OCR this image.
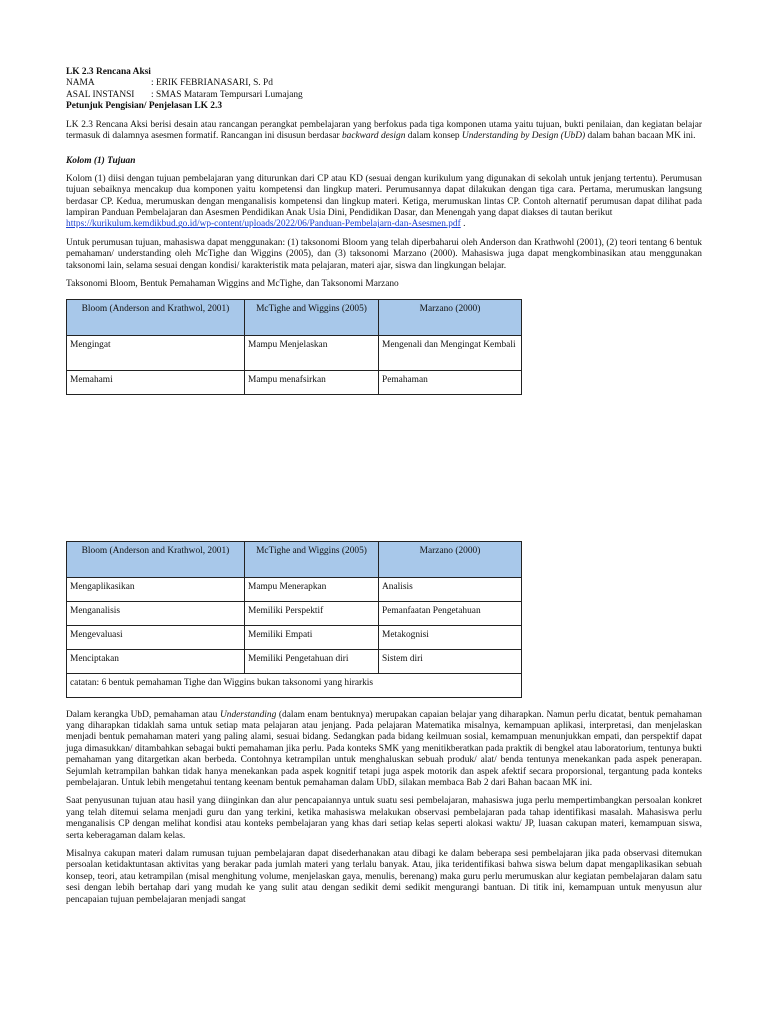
LK 2.3 Rencana Aksi
NAMA	: ERIK FEBRIANASARI, S. Pd
ASAL INSTANSI : SMAS Mataram Tempursari Lumajang
Petunjuk Pengisian/ Penjelasan LK 2.3

LK 2.3 Rencana Aksi berisi desain atau rancangan perangkat pembelajaran yang berfokus pada tiga komponen utama yaitu tujuan, bukti penilaian, dan kegiatan belajar termasuk di dalamnya asesmen formatif. Rancangan ini disusun berdasar backward design dalam konsep Understanding by Design (UbD) dalam bahan bacaan MK ini.

Kolom (1) Tujuan

Kolom (1) diisi dengan tujuan pembelajaran yang diturunkan dari CP atau KD (sesuai dengan kurikulum yang digunakan di sekolah untuk jenjang tertentu). Perumusan tujuan sebaiknya mencakup dua komponen yaitu kompetensi dan lingkup materi. Perumusannya dapat dilakukan dengan tiga cara. Pertama, merumuskan langsung berdasar CP. Kedua, merumuskan dengan menganalisis kompetensi dan lingkup materi. Ketiga, merumuskan lintas CP. Contoh alternatif perumusan dapat dilihat pada lampiran Panduan Pembelajaran dan Asesmen Pendidikan Anak Usia Dini, Pendidikan Dasar, dan Menengah yang dapat diakses di tautan berikut
https://kurikulum.kemdikbud.go.id/wp-content/uploads/2022/06/Panduan-Pembelajarn-dan-Asesmen.pdf .

Untuk perumusan tujuan, mahasiswa dapat menggunakan: (1) taksonomi Bloom yang telah diperbaharui oleh Anderson dan Krathwohl (2001), (2) teori tentang 6 bentuk pemahaman/ understanding oleh McTighe dan Wiggins (2005), dan (3) taksonomi Marzano (2000). Mahasiswa juga dapat mengkombinasikan atau menggunakan taksonomi lain, selama sesuai dengan kondisi/ karakteristik mata pelajaran, materi ajar, siswa dan lingkungan belajar.

Taksonomi Bloom, Bentuk Pemahaman Wiggins and McTighe, dan Taksonomi Marzano
Bloom (Anderson and Krathwol, 2001)	McTighe and Wiggins (2005)	Marzano (2000)
Mengingat	Mampu Menjelaskan	Mengenali dan Mengingat Kembali
Memahami	Mampu menafsirkan	Pemahaman
Bloom (Anderson and Krathwol, 2001)	McTighe and Wiggins (2005)	Marzano (2000)
Mengaplikasikan	Mampu Menerapkan	Analisis
Menganalisis	Memiliki Perspektif	Pemanfaatan Pengetahuan
Mengevaluasi	Memiliki Empati	Metakognisi
Menciptakan	Memiliki Pengetahuan diri	Sistem diri
catatan: 6 bentuk pemahaman Tighe dan Wiggins bukan taksonomi yang hirarkis		

Dalam kerangka UbD, pemahaman atau Understanding (dalam enam bentuknya) merupakan capaian belajar yang diharapkan. Namun perlu dicatat, bentuk pemahaman yang diharapkan tidaklah sama untuk setiap mata pelajaran atau jenjang. Pada pelajaran Matematika misalnya, kemampuan aplikasi, interpretasi, dan menjelaskan menjadi bentuk pemahaman materi yang paling alami, sesuai bidang. Sedangkan pada bidang keilmuan sosial, kemampuan menunjukkan empati, dan perspektif dapat juga dimasukkan/ ditambahkan sebagai bukti pemahaman jika perlu. Pada konteks SMK yang menitikberatkan pada praktik di bengkel atau laboratorium, tentunya bukti pemahaman yang ditargetkan akan berbeda. Contohnya ketrampilan untuk menghaluskan sebuah produk/ alat/ benda tentunya menekankan pada aspek penerapan. Sejumlah ketrampilan bahkan tidak hanya menekankan pada aspek kognitif tetapi juga aspek motorik dan aspek afektif secara proporsional, tergantung pada konteks pembelajaran. Untuk lebih mengetahui tentang keenam bentuk pemahaman dalam UbD, silakan membaca Bab 2 dari Bahan bacaan MK ini.

Saat penyusunan tujuan atau hasil yang diinginkan dan alur pencapaiannya untuk suatu sesi pembelajaran, mahasiswa juga perlu mempertimbangkan persoalan konkret yang telah ditemui selama menjadi guru dan yang terkini, ketika mahasiswa melakukan observasi pembelajaran pada tahap identifikasi masalah. Mahasiswa perlu menganalisis CP dengan melihat kondisi atau konteks pembelajaran yang khas dari setiap kelas seperti alokasi waktu/ JP, luasan cakupan materi, kemampuan siswa, serta keberagaman dalam kelas.

Misalnya cakupan materi dalam rumusan tujuan pembelajaran dapat disederhanakan atau dibagi ke dalam beberapa sesi pembelajaran jika pada observasi ditemukan persoalan ketidaktuntasan aktivitas yang berakar pada jumlah materi yang terlalu banyak. Atau, jika teridentifikasi bahwa siswa belum dapat mengaplikasikan sebuah konsep, teori, atau ketrampilan (misal menghitung volume, menjelaskan gaya, menulis, berenang) maka guru perlu merumuskan alur kegiatan pembelajaran dalam satu sesi dengan lebih bertahap dari yang mudah ke yang sulit atau dengan sedikit demi sedikit mengurangi bantuan. Di titik ini, kemampuan untuk menyusun alur pencapaian tujuan pembelajaran menjadi sangat
